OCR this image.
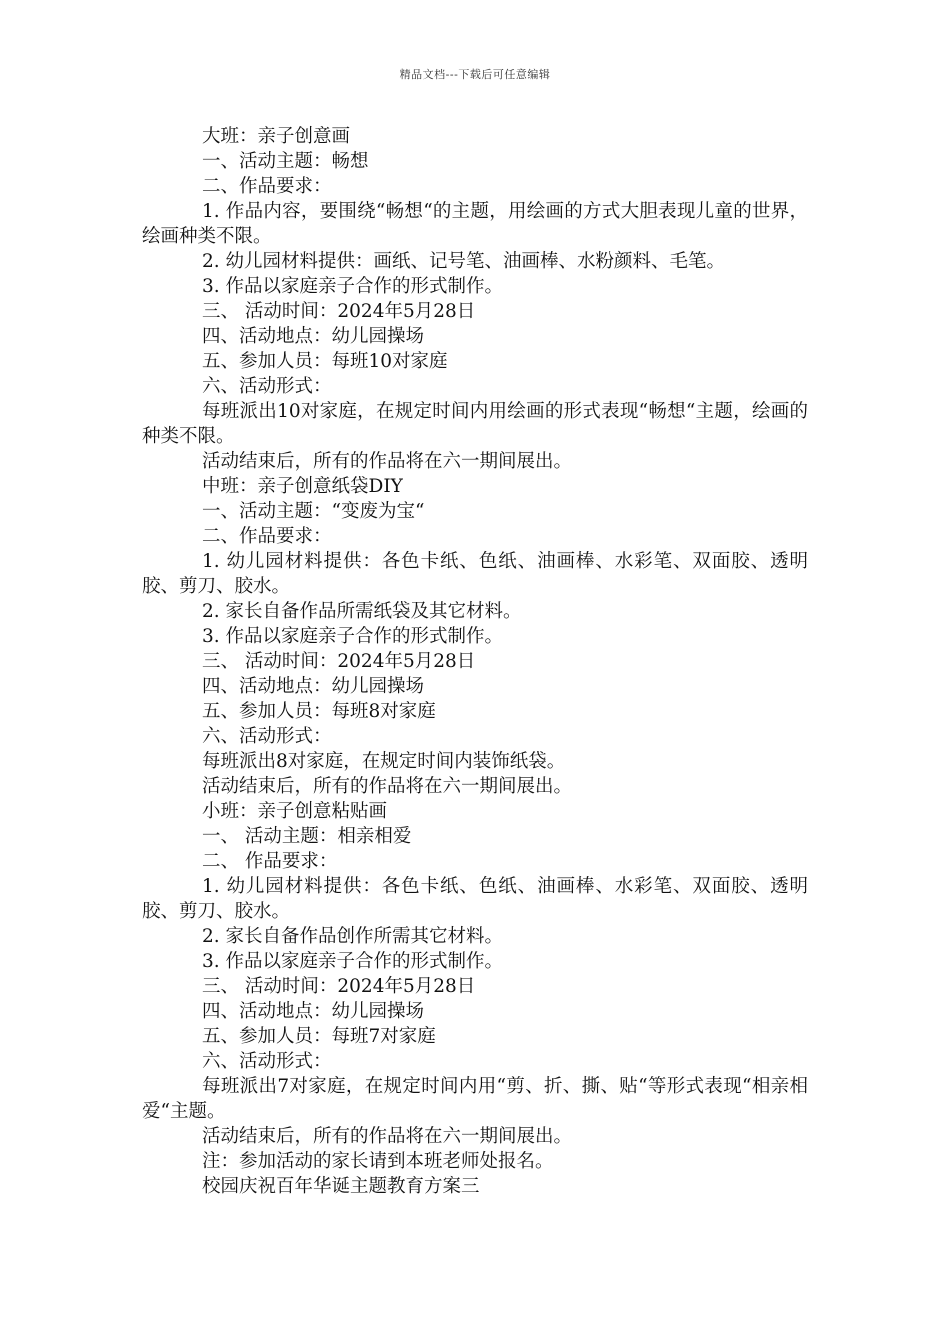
精品文档---下载后可任意编辑

大班：亲子创意画

一、活动主题：畅想

二、作品要求：

1. 作品内容，要围绕“畅想“的主题，用绘画的方式大胆表现儿童的世界，绘画种类不限。

2. 幼儿园材料提供：画纸、记号笔、油画棒、水粉颜料、毛笔。

3. 作品以家庭亲子合作的形式制作。

三、 活动时间：2024年5月28日

四、活动地点：幼儿园操场

五、参加人员：每班10对家庭

六、活动形式：

每班派出10对家庭，在规定时间内用绘画的形式表现“畅想“主题，绘画的种类不限。

活动结束后，所有的作品将在六一期间展出。

中班：亲子创意纸袋DIY

一、活动主题：“变废为宝“

二、作品要求：

1. 幼儿园材料提供：各色卡纸、色纸、油画棒、水彩笔、双面胶、透明胶、剪刀、胶水。

2. 家长自备作品所需纸袋及其它材料。

3. 作品以家庭亲子合作的形式制作。

三、 活动时间：2024年5月28日

四、活动地点：幼儿园操场

五、参加人员：每班8对家庭

六、活动形式：

每班派出8对家庭，在规定时间内装饰纸袋。

活动结束后，所有的作品将在六一期间展出。

小班：亲子创意粘贴画

一、 活动主题：相亲相爱

二、 作品要求：

1. 幼儿园材料提供：各色卡纸、色纸、油画棒、水彩笔、双面胶、透明胶、剪刀、胶水。

2. 家长自备作品创作所需其它材料。

3. 作品以家庭亲子合作的形式制作。

三、 活动时间：2024年5月28日

四、活动地点：幼儿园操场

五、参加人员：每班7对家庭

六、活动形式：

每班派出7对家庭，在规定时间内用“剪、折、撕、贴“等形式表现“相亲相爱“主题。

活动结束后，所有的作品将在六一期间展出。

注：参加活动的家长请到本班老师处报名。

校园庆祝百年华诞主题教育方案三
